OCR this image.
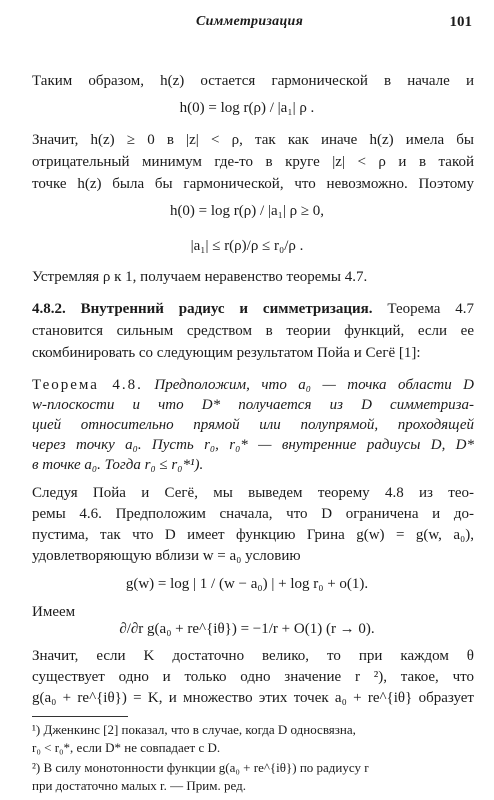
Симметризация	101
Таким образом, h(z) остается гармонической в начале и
h(0) = log r(ρ) / |a₁| ρ .
Значит, h(z) ≥ 0 в |z| < ρ, так как иначе h(z) имела бы
отрицательный минимум где-то в круге |z| < ρ и в такой
точке h(z) была бы гармонической, что невозможно. Поэтому
h(0) = log r(ρ) / |a₁| ρ ≥ 0,
|a₁| ≤ r(ρ)/ρ ≤ r₀/ρ .
Устремляя ρ к 1, получаем неравенство теоремы 4.7.
4.8.2. Внутренний радиус и симметризация. Теорема 4.7
становится сильным средством в теории функций, если ее
скомбинировать со следующим результатом Пойа и Сегё [1]:
Теорема 4.8. Предположим, что a₀ — точка области D
w-плоскости и что D* получается из D симметриза-
цией относительно прямой или полупрямой, проходящей
через точку a₀. Пусть r₀, r₀* — внутренние радиусы D, D*
в точке a₀. Тогда r₀ ≤ r₀*¹).
Следуя Пойа и Сегё, мы выведем теорему 4.8 из тео-
ремы 4.6. Предположим сначала, что D ограничена и до-
пустима, так что D имеет функцию Грина g(w) = g(w, a₀),
удовлетворяющую вблизи w = a₀ условию
g(w) = log | 1 / (w − a₀) | + log r₀ + o(1).
Имеем
∂/∂r g(a₀ + re^{iθ}) = −1/r + O(1) (r → 0).
Значит, если K достаточно велико, то при каждом θ
существует одно и только одно значение r ²), такое, что
g(a₀ + re^{iθ}) = K, и множество этих точек a₀ + re^{iθ} образует
¹) Дженкинс [2] показал, что в случае, когда D односвязна,
r₀ < r₀*, если D* не совпадает с D.
²) В силу монотонности функции g(a₀ + re^{iθ}) по радиусу r
при достаточно малых r. — Прим. ред.
